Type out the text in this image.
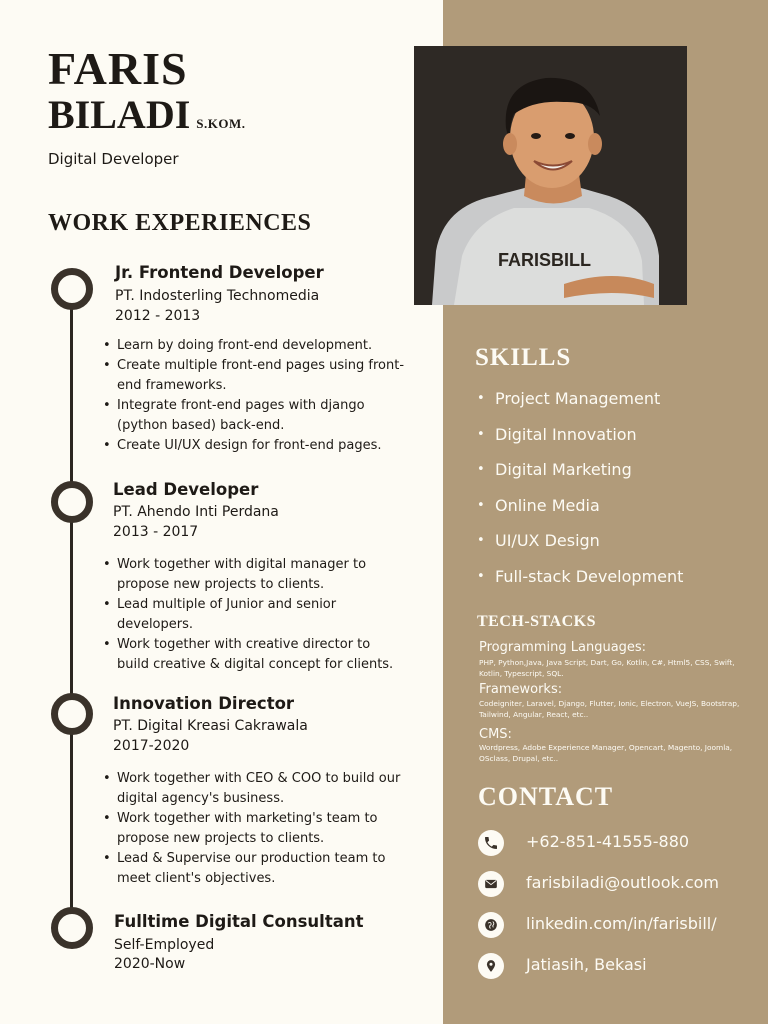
FARIS
BILADI S.KOM.
Digital Developer
WORK EXPERIENCES
Jr. Frontend Developer
PT. Indosterling Technomedia
2012 - 2013
• Learn by doing front-end development.
• Create multiple front-end pages using front-end frameworks.
• Integrate front-end pages with django (python based) back-end.
• Create UI/UX design for front-end pages.
Lead Developer
PT. Ahendo Inti Perdana
2013 - 2017
• Work together with digital manager to propose new projects to clients.
• Lead multiple of Junior and senior developers.
• Work together with creative director to build creative & digital concept for clients.
Innovation Director
PT. Digital Kreasi Cakrawala
2017-2020
• Work together with CEO & COO to build our digital agency's business.
• Work together with marketing's team to propose new projects to clients.
• Lead & Supervise our production team to meet client's objectives.
Fulltime Digital Consultant
Self-Employed
2020-Now
FARISBILL
SKILLS
• Project Management
• Digital Innovation
• Digital Marketing
• Online Media
• UI/UX Design
• Full-stack Development
TECH-STACKS
Programming Languages:
PHP, Python,Java, Java Script, Dart, Go, Kotlin, C#, Html5, CSS, Swift, Kotlin, Typescript, SQL.
Frameworks:
Codeigniter, Laravel, Django, Flutter, Ionic, Electron, VueJS, Bootstrap, Tailwind, Angular, React, etc..
CMS:
Wordpress, Adobe Experience Manager, Opencart, Magento, Joomla, OSclass, Drupal, etc..
CONTACT
+62-851-41555-880
farisbiladi@outlook.com
linkedin.com/in/farisbill/
Jatiasih, Bekasi
